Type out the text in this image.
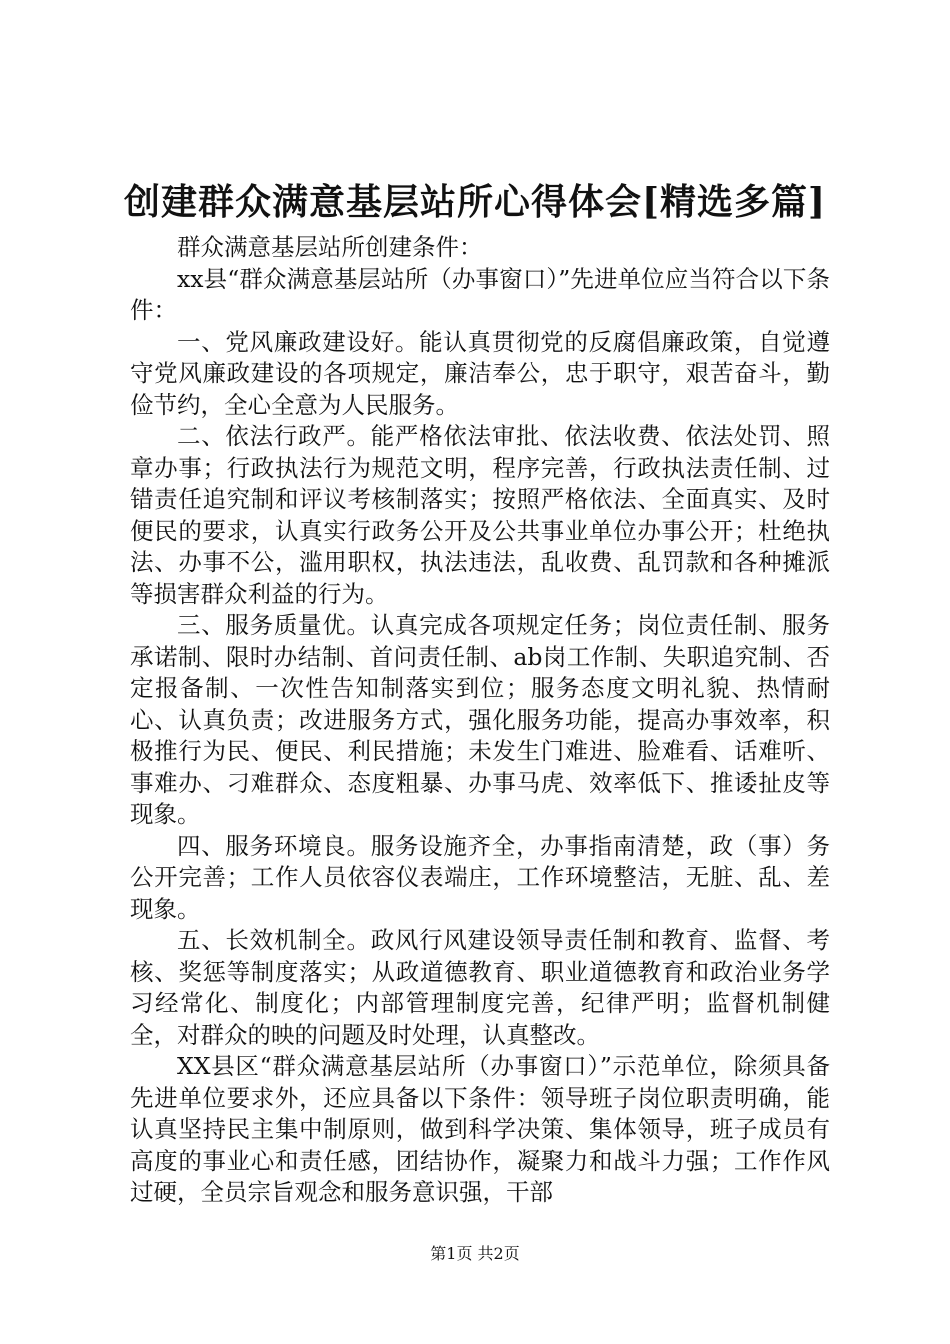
创建群众满意基层站所心得体会[精选多篇]

群众满意基层站所创建条件：

xx县“群众满意基层站所（办事窗口）”先进单位应当符合以下条件：

一、党风廉政建设好。能认真贯彻党的反腐倡廉政策，自觉遵守党风廉政建设的各项规定，廉洁奉公，忠于职守，艰苦奋斗，勤俭节约，全心全意为人民服务。

二、依法行政严。能严格依法审批、依法收费、依法处罚、照章办事；行政执法行为规范文明，程序完善，行政执法责任制、过错责任追究制和评议考核制落实；按照严格依法、全面真实、及时便民的要求，认真实行政务公开及公共事业单位办事公开；杜绝执法、办事不公，滥用职权，执法违法，乱收费、乱罚款和各种摊派等损害群众利益的行为。

三、服务质量优。认真完成各项规定任务；岗位责任制、服务承诺制、限时办结制、首问责任制、ab岗工作制、失职追究制、否定报备制、一次性告知制落实到位；服务态度文明礼貌、热情耐心、认真负责；改进服务方式，强化服务功能，提高办事效率，积极推行为民、便民、利民措施；未发生门难进、脸难看、话难听、事难办、刁难群众、态度粗暴、办事马虎、效率低下、推诿扯皮等现象。

四、服务环境良。服务设施齐全，办事指南清楚，政（事）务公开完善；工作人员依容仪表端庄，工作环境整洁，无脏、乱、差现象。

五、长效机制全。政风行风建设领导责任制和教育、监督、考核、奖惩等制度落实；从政道德教育、职业道德教育和政治业务学习经常化、制度化；内部管理制度完善，纪律严明；监督机制健全，对群众的映的问题及时处理，认真整改。

XX县区“群众满意基层站所（办事窗口）”示范单位，除须具备先进单位要求外，还应具备以下条件：领导班子岗位职责明确，能认真坚持民主集中制原则，做到科学决策、集体领导，班子成员有高度的事业心和责任感，团结协作，凝聚力和战斗力强；工作作风过硬，全员宗旨观念和服务意识强，干部

第1页 共2页
